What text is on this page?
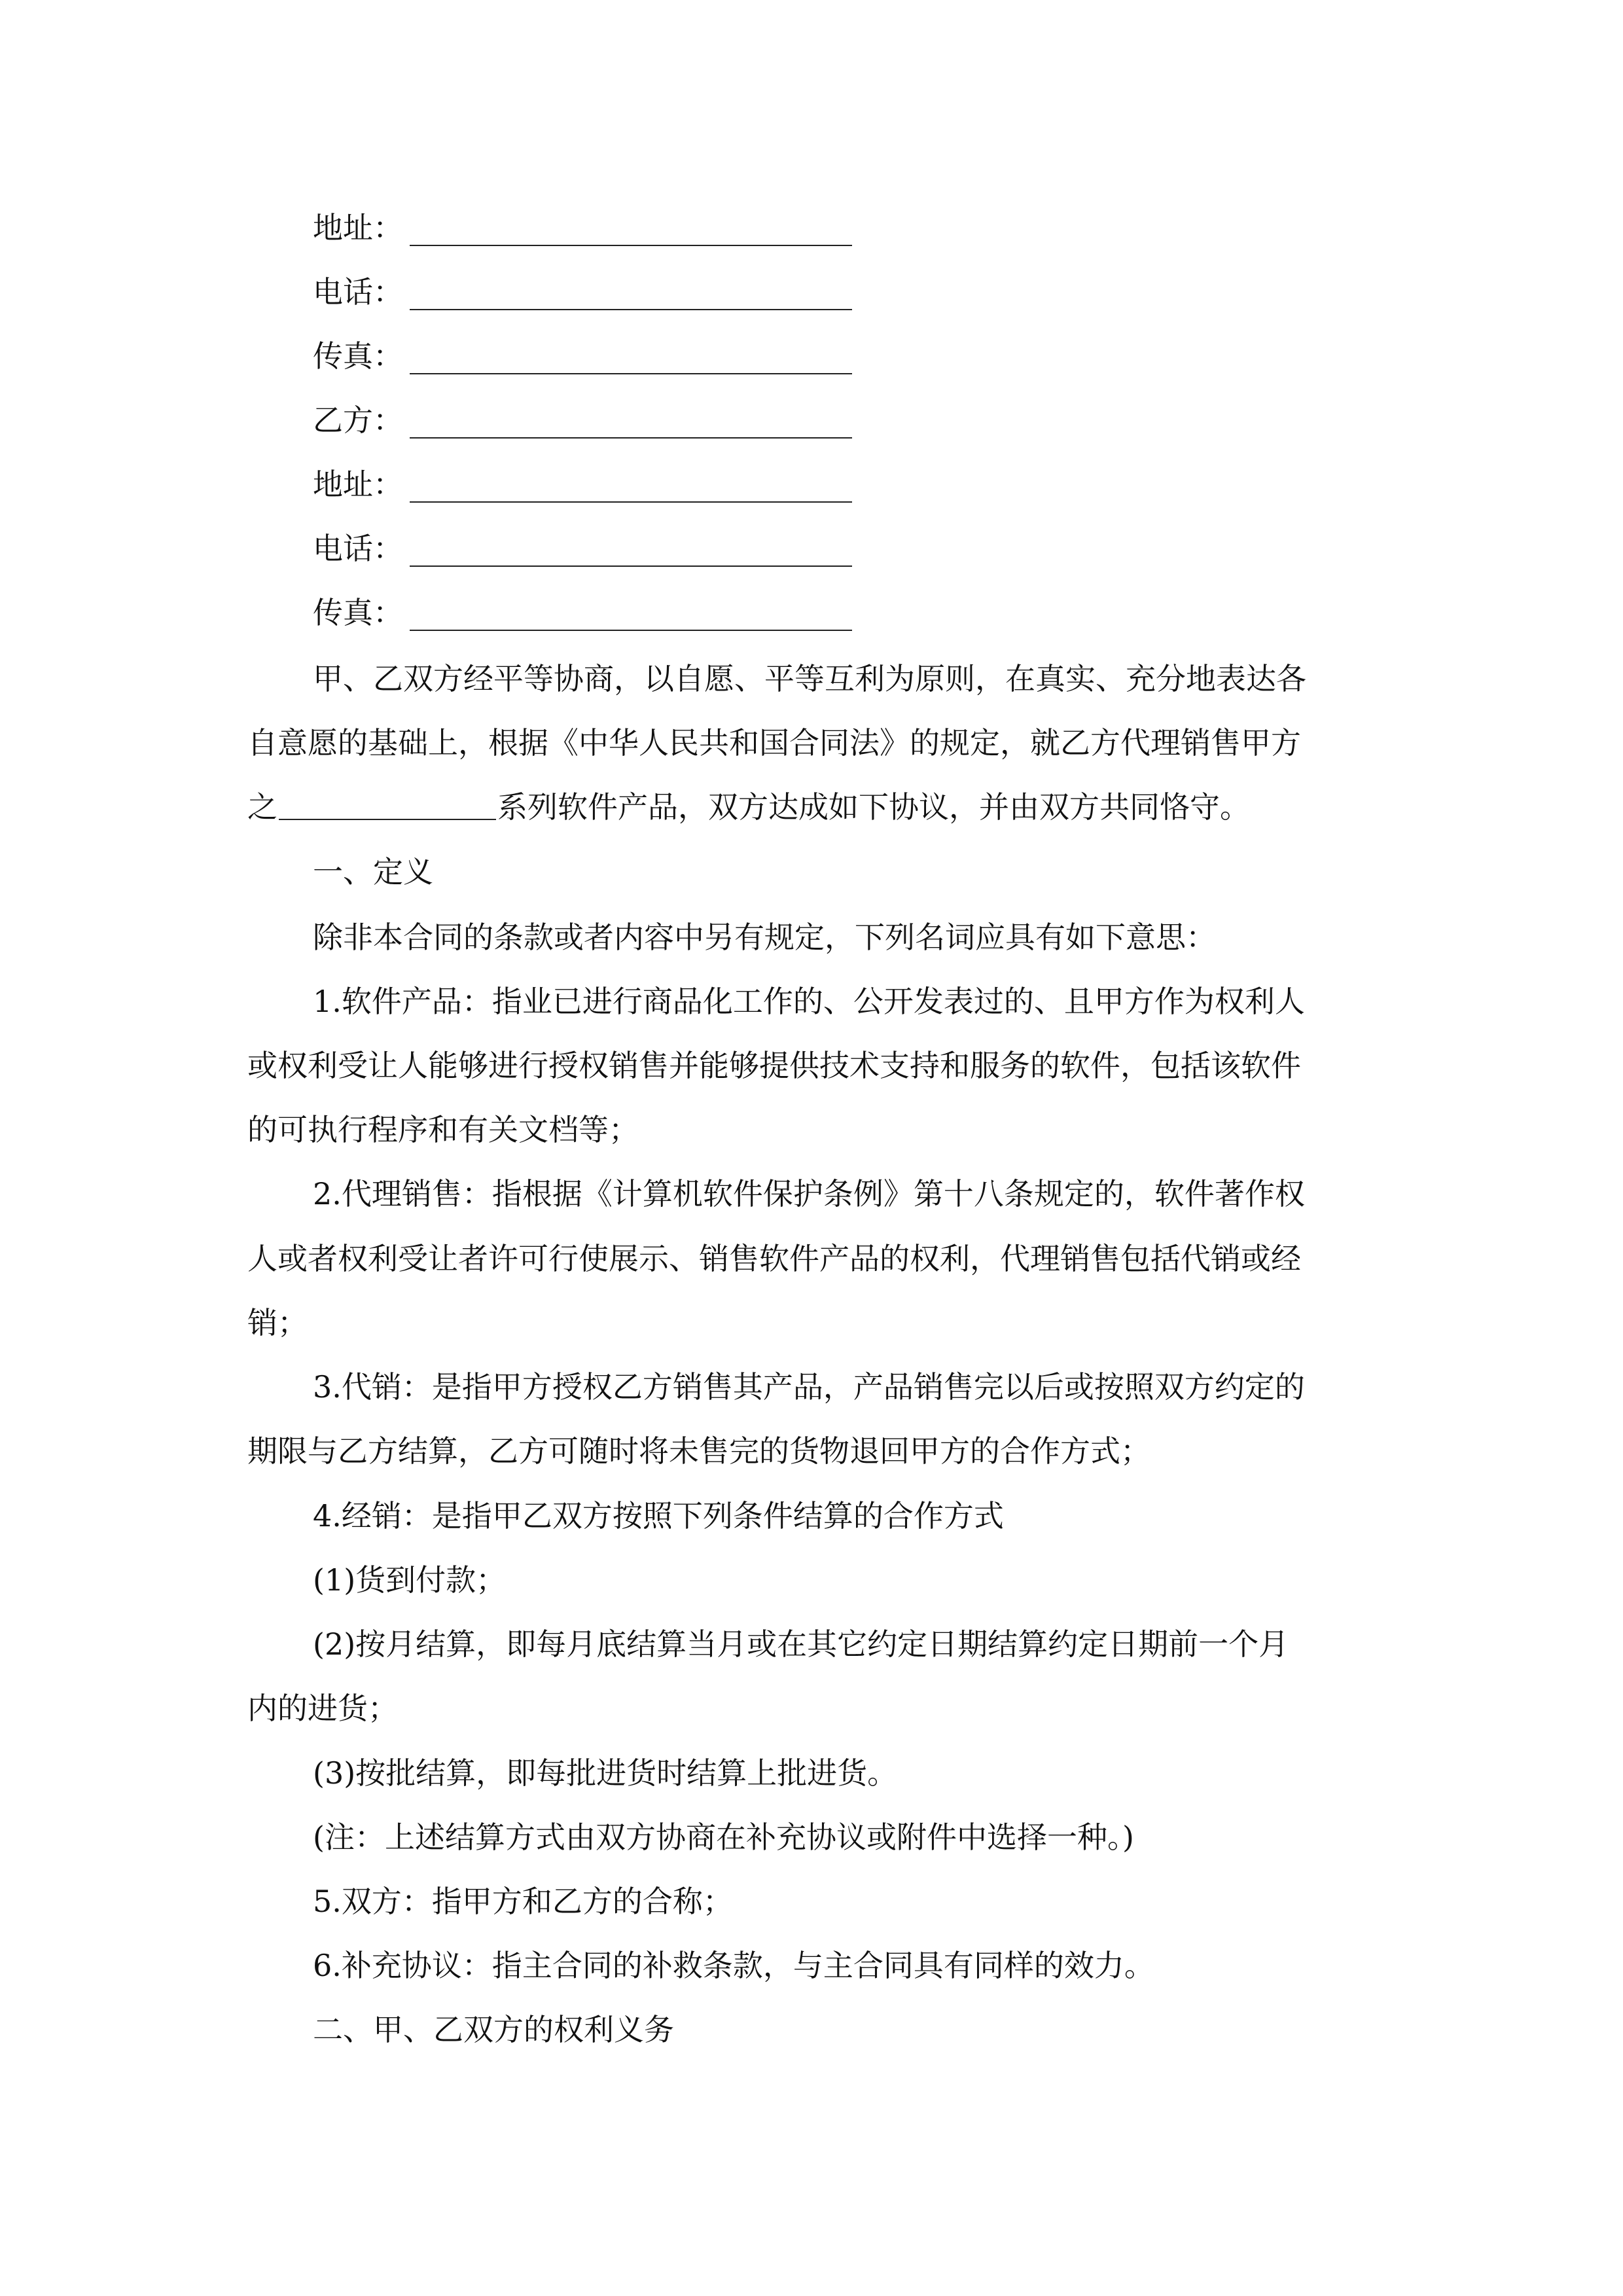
地址：
电话：
传真：
乙方：
地址：
电话：
传真：
甲、乙双方经平等协商，以自愿、平等互利为原则，在真实、充分地表达各
自意愿的基础上，根据《中华人民共和国合同法》的规定，就乙方代理销售甲方
之	系列软件产品，双方达成如下协议，并由双方共同恪守。
一、定义
除非本合同的条款或者内容中另有规定，下列名词应具有如下意思：
1.软件产品：指业已进行商品化工作的、公开发表过的、且甲方作为权利人
或权利受让人能够进行授权销售并能够提供技术支持和服务的软件，包括该软件
的可执行程序和有关文档等；
2.代理销售：指根据《计算机软件保护条例》第十八条规定的，软件著作权
人或者权利受让者许可行使展示、销售软件产品的权利，代理销售包括代销或经
销；
3.代销：是指甲方授权乙方销售其产品，产品销售完以后或按照双方约定的
期限与乙方结算，乙方可随时将未售完的货物退回甲方的合作方式；
4.经销：是指甲乙双方按照下列条件结算的合作方式
(1)货到付款；
(2)按月结算，即每月底结算当月或在其它约定日期结算约定日期前一个月
内的进货；
(3)按批结算，即每批进货时结算上批进货。
(注：上述结算方式由双方协商在补充协议或附件中选择一种。)
5.双方：指甲方和乙方的合称；
6.补充协议：指主合同的补救条款，与主合同具有同样的效力。
二、甲、乙双方的权利义务
